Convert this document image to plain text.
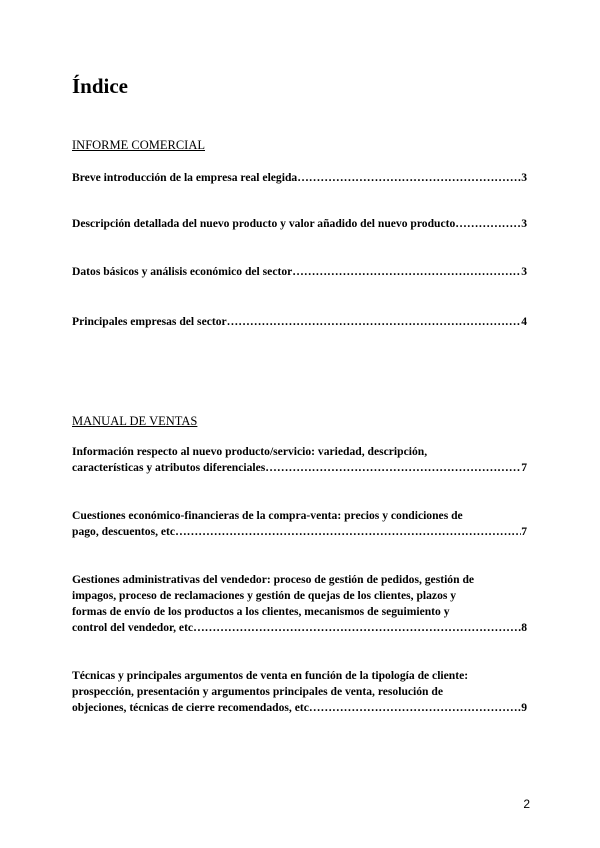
Índice
INFORME COMERCIAL
Breve introducción de la empresa real elegida ……………………………………………………………………………………………………………………………………	3
Descripción detallada del nuevo producto y valor añadido del nuevo producto ……………………………………………………………………………………………………………………………………	3
Datos básicos y análisis económico del sector ……………………………………………………………………………………………………………………………………	3
Principales empresas del sector ……………………………………………………………………………………………………………………………………	4
MANUAL DE VENTAS
Información respecto al nuevo producto/servicio: variedad, descripción,
características y atributos diferenciales ……………………………………………………………………………………………………………………………………	7
Cuestiones económico-financieras de la compra-venta: precios y condiciones de
pago, descuentos, etc ……………………………………………………………………………………………………………………………………	7
Gestiones administrativas del vendedor: proceso de gestión de pedidos, gestión de
impagos, proceso de reclamaciones y gestión de quejas de los clientes, plazos y
formas de envío de los productos a los clientes, mecanismos de seguimiento y
control del vendedor, etc ……………………………………………………………………………………………………………………………………	8
Técnicas y principales argumentos de venta en función de la tipología de cliente:
prospección, presentación y argumentos principales de venta, resolución de
objeciones, técnicas de cierre recomendados, etc ……………………………………………………………………………………………………………………………………	9
2
